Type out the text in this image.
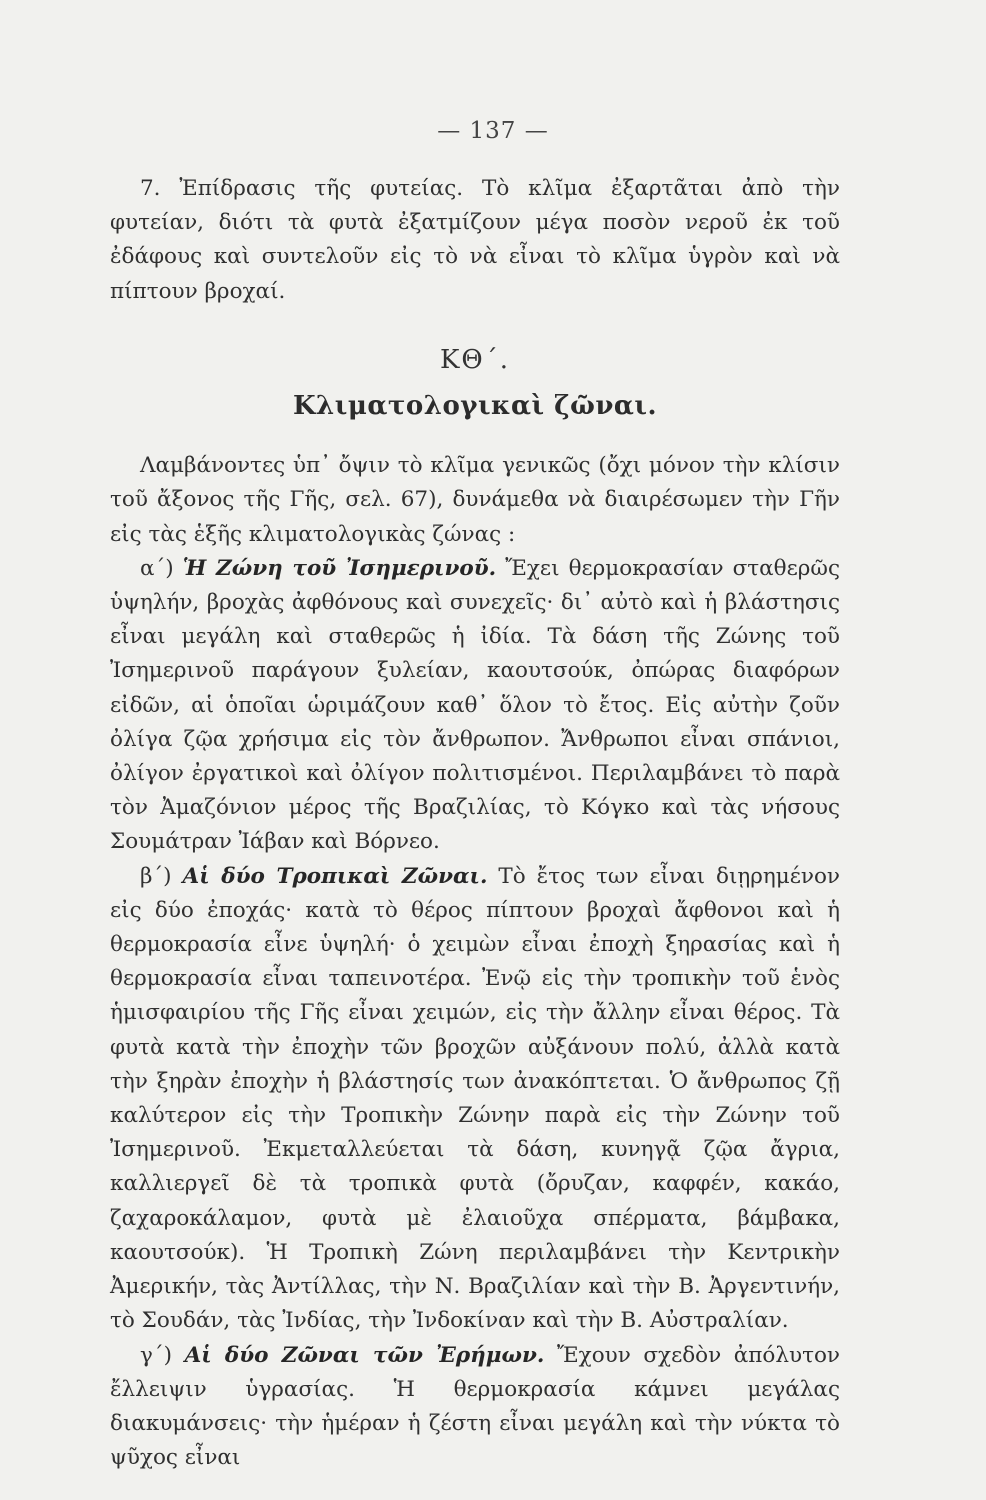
— 137 —

7. Ἐπίδρασις τῆς φυτείας. Τὸ κλῖμα ἐξαρτᾶται ἀπὸ τὴν φυτείαν, διότι τὰ φυτὰ ἐξατμίζουν μέγα ποσὸν νεροῦ ἐκ τοῦ ἐδάφους καὶ συντελοῦν εἰς τὸ νὰ εἶναι τὸ κλῖμα ὑγρὸν καὶ νὰ πίπτουν βροχαί.

ΚΘ΄.

Κλιματολογικαὶ ζῶναι.

Λαμβάνοντες ὑπ᾿ ὄψιν τὸ κλῖμα γενικῶς (ὄχι μόνον τὴν κλίσιν τοῦ ἄξονος τῆς Γῆς, σελ. 67), δυνάμεθα νὰ διαιρέσωμεν τὴν Γῆν εἰς τὰς ἑξῆς κλιματολογικὰς ζώνας :

α΄) Ἡ Ζώνη τοῦ Ἰσημερινοῦ. Ἔχει θερμοκρασίαν σταθερῶς ὑψηλήν, βροχὰς ἀφθόνους καὶ συνεχεῖς· δι᾿ αὐτὸ καὶ ἡ βλάστησις εἶναι μεγάλη καὶ σταθερῶς ἡ ἰδία. Τὰ δάση τῆς Ζώνης τοῦ Ἰσημερινοῦ παράγουν ξυλείαν, καουτσούκ, ὀπώρας διαφόρων εἰδῶν, αἱ ὁποῖαι ὡριμάζουν καθ᾿ ὅλον τὸ ἔτος. Εἰς αὐτὴν ζοῦν ὀλίγα ζῷα χρήσιμα εἰς τὸν ἄνθρωπον. Ἄνθρωποι εἶναι σπάνιοι, ὀλίγον ἐργατικοὶ καὶ ὀλίγον πολιτισμένοι. Περιλαμβάνει τὸ παρὰ τὸν Ἀμαζόνιον μέρος τῆς Βραζιλίας, τὸ Κόγκο καὶ τὰς νήσους Σουμάτραν Ἰάβαν καὶ Βόρνεο.

β΄) Αἱ δύο Τροπικαὶ Ζῶναι. Τὸ ἔτος των εἶναι διῃρημένον εἰς δύο ἐποχάς· κατὰ τὸ θέρος πίπτουν βροχαὶ ἄφθονοι καὶ ἡ θερμοκρασία εἶνε ὑψηλή· ὁ χειμὼν εἶναι ἐποχὴ ξηρασίας καὶ ἡ θερμοκρασία εἶναι ταπεινοτέρα. Ἐνῷ εἰς τὴν τροπικὴν τοῦ ἑνὸς ἡμισφαιρίου τῆς Γῆς εἶναι χειμών, εἰς τὴν ἄλλην εἶναι θέρος. Τὰ φυτὰ κατὰ τὴν ἐποχὴν τῶν βροχῶν αὐξάνουν πολύ, ἀλλὰ κατὰ τὴν ξηρὰν ἐποχὴν ἡ βλάστησίς των ἀνακόπτεται. Ὁ ἄνθρωπος ζῇ καλύτερον εἰς τὴν Τροπικὴν Ζώνην παρὰ εἰς τὴν Ζώνην τοῦ Ἰσημερινοῦ. Ἐκμεταλλεύεται τὰ δάση, κυνηγᾷ ζῷα ἄγρια, καλλιεργεῖ δὲ τὰ τροπικὰ φυτὰ (ὄρυζαν, καφφέν, κακάο, ζαχαροκάλαμον, φυτὰ μὲ ἐλαιοῦχα σπέρματα, βάμβακα, καουτσούκ). Ἡ Τροπικὴ Ζώνη περιλαμβάνει τὴν Κεντρικὴν Ἀμερικήν, τὰς Ἀντίλλας, τὴν Ν. Βραζιλίαν καὶ τὴν Β. Ἀργεντινήν, τὸ Σουδάν, τὰς Ἰνδίας, τὴν Ἰνδοκίναν καὶ τὴν Β. Αὐστραλίαν.

γ΄) Αἱ δύο Ζῶναι τῶν Ἐρήμων. Ἔχουν σχεδὸν ἀπόλυτον ἔλλειψιν ὑγρασίας. Ἡ θερμοκρασία κάμνει μεγάλας διακυμάνσεις· τὴν ἡμέραν ἡ ζέστη εἶναι μεγάλη καὶ τὴν νύκτα τὸ ψῦχος εἶναι
